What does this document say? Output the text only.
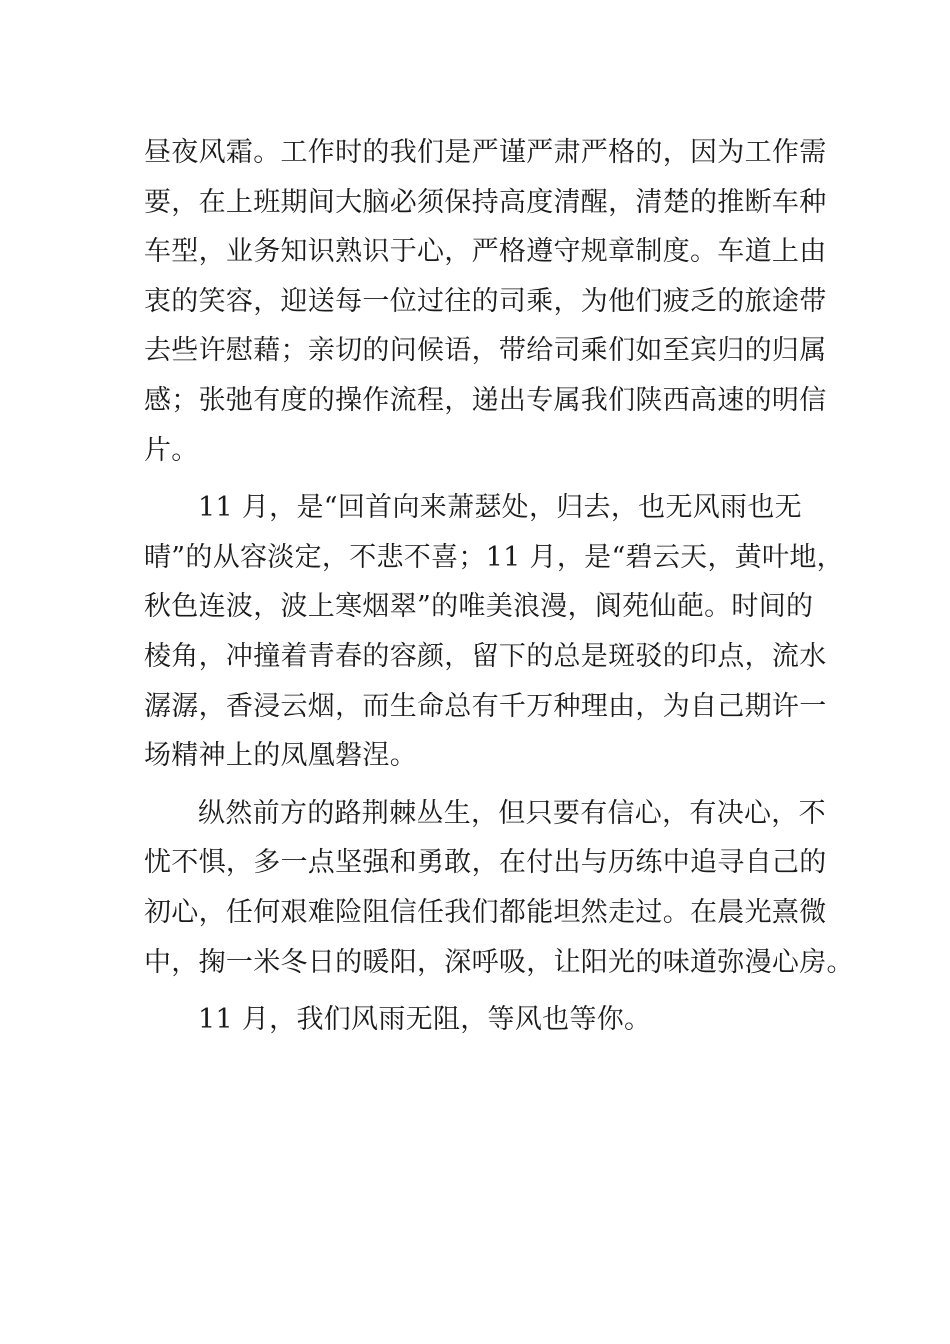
昼夜风霜。工作时的我们是严谨严肃严格的，因为工作需
要，在上班期间大脑必须保持高度清醒，清楚的推断车种
车型，业务知识熟识于心，严格遵守规章制度。车道上由
衷的笑容，迎送每一位过往的司乘，为他们疲乏的旅途带
去些许慰藉；亲切的问候语，带给司乘们如至宾归的归属
感；张弛有度的操作流程，递出专属我们陕西高速的明信
片。
11 月，是“回首向来萧瑟处，归去，也无风雨也无
晴”的从容淡定，不悲不喜；11 月，是“碧云天，黄叶地，
秋色连波，波上寒烟翠”的唯美浪漫，阆苑仙葩。时间的
棱角，冲撞着青春的容颜，留下的总是斑驳的印点，流水
潺潺，香浸云烟，而生命总有千万种理由，为自己期许一
场精神上的凤凰磐涅。
纵然前方的路荆棘丛生，但只要有信心，有决心，不
忧不惧，多一点坚强和勇敢，在付出与历练中追寻自己的
初心，任何艰难险阻信任我们都能坦然走过。在晨光熹微
中，掬一米冬日的暖阳，深呼吸，让阳光的味道弥漫心房。
11 月，我们风雨无阻，等风也等你。
